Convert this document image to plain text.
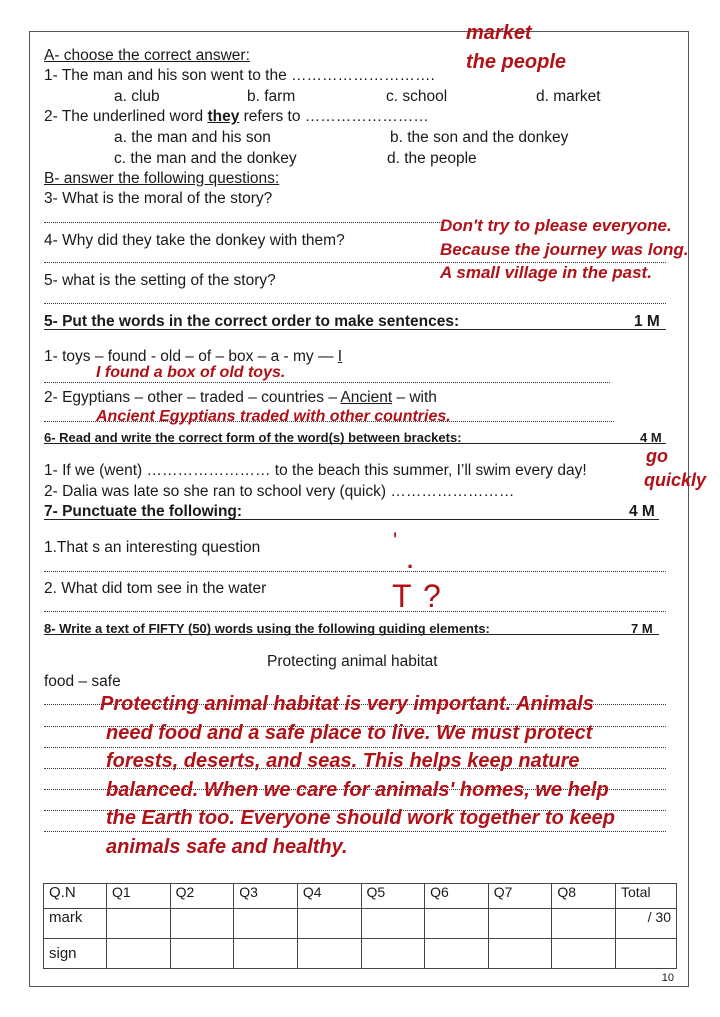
A- choose the correct answer:
1- The man and his son went to the ……………………….
a. club	b. farm	c. school	d. market
2- The underlined word they refers to ……………………
a. the man and his son	b. the son and the donkey
c. the man and the donkey	d. the people
B- answer the following questions:
3- What is the moral of the story?
4- Why did they take the donkey with them?
5- what is the setting of the story?
5- Put the words in the correct order to make sentences:	1 M
1- toys – found - old – of – box – a - my — I
2- Egyptians – other – traded – countries – Ancient – with
6- Read and write the correct form of the word(s) between brackets:	4 M
1- If we (went) …………………… to the beach this summer, I’ll swim every day!
2- Dalia was late so she ran to school very (quick) ……………………
7- Punctuate the following:	4 M
1.That s an interesting question
2. What did tom see in the water
8- Write a text of FIFTY (50) words using the following guiding elements:	7 M
Protecting animal habitat
food – safe
market
the people
Don't try to please everyone.
Because the journey was long.
A small village in the past.
I found a box of old toys.
Ancient Egyptians traded with other countries.
go
quickly
'
.
T ?
Protecting animal habitat is very important. Animals
need food and a safe place to live. We must protect
forests, deserts, and seas. This helps keep nature
balanced. When we care for animals' homes, we help
the Earth too. Everyone should work together to keep
animals safe and healthy.
Q.N	Q1	Q2	Q3	Q4	Q5	Q6	Q7	Q8	Total
mark									/ 30
sign									
10
